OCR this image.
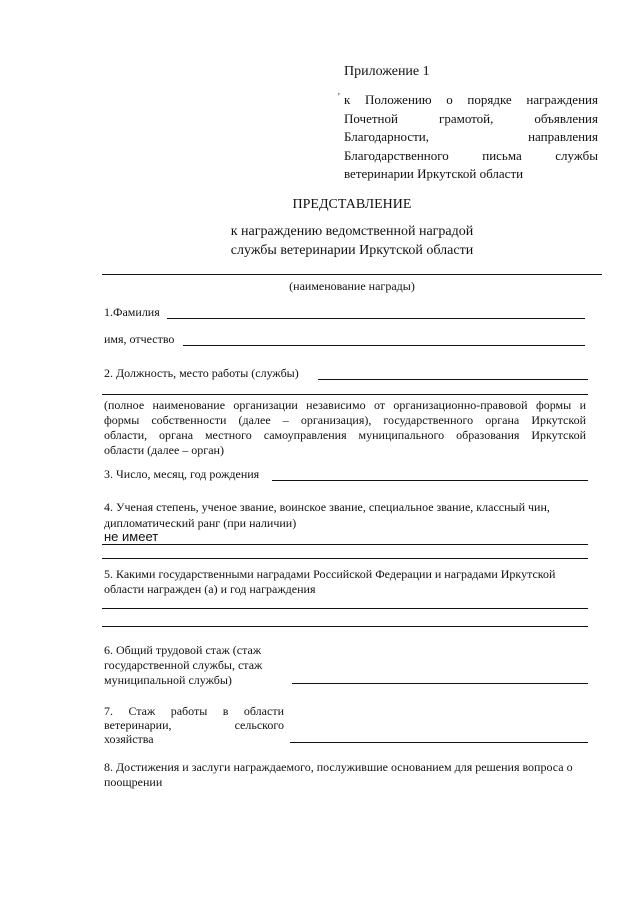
Приложение 1
' к Положению о порядке награждения
Почетной	грамотой,	объявления
Благодарности,	направления
Благодарственного	письма	службы
ветеринарии Иркутской области
ПРЕДСТАВЛЕНИЕ
к награждению ведомственной наградой
службы ветеринарии Иркутской области
(наименование награды)
1.Фамилия
имя, отчество
2. Должность, место работы (службы)
(полное наименование организации независимо от организационно-правовой формы и
формы собственности (далее – организация), государственного органа Иркутской
области, органа местного самоуправления муниципального образования Иркутской
области (далее – орган)
3. Число, месяц, год рождения
4. Ученая степень, ученое звание, воинское звание, специальное звание, классный чин,
дипломатический ранг (при наличии)
не имеет
5. Какими государственными наградами Российской Федерации и наградами Иркутской
области награжден (а) и год награждения
6. Общий трудовой стаж (стаж
государственной службы, стаж
муниципальной службы)
7. Стаж работы в области
ветеринарии,	сельского
хозяйства
8. Достижения и заслуги награждаемого, послужившие основанием для решения вопроса о
поощрении
